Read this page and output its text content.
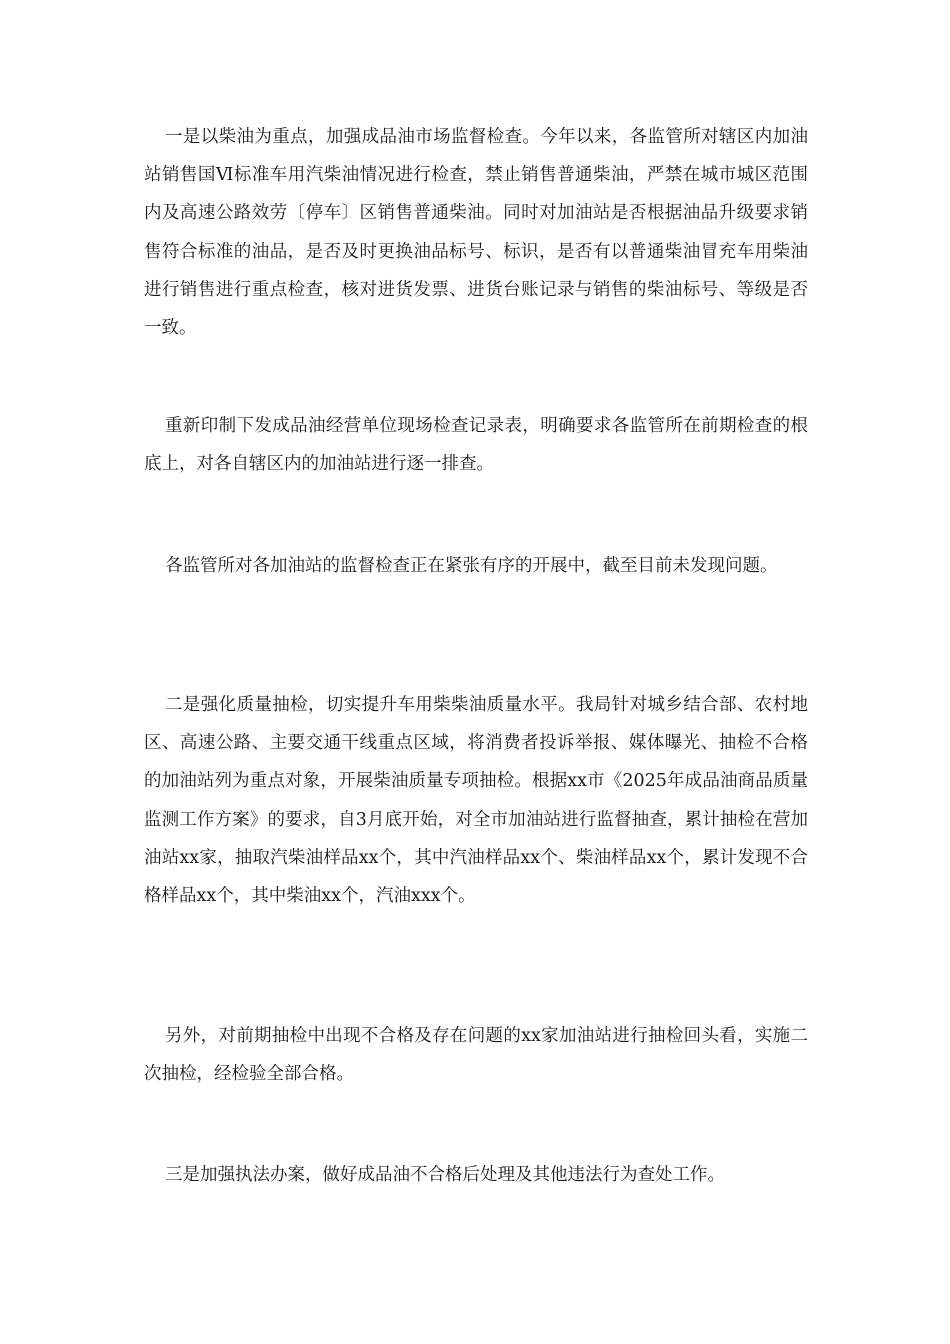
一是以柴油为重点，加强成品油市场监督检查。今年以来，各监管所对辖区内加油站销售国Ⅵ标准车用汽柴油情况进行检查，禁止销售普通柴油，严禁在城市城区范围内及高速公路效劳〔停车〕区销售普通柴油。同时对加油站是否根据油品升级要求销售符合标准的油品，是否及时更换油品标号、标识，是否有以普通柴油冒充车用柴油进行销售进行重点检查，核对进货发票、进货台账记录与销售的柴油标号、等级是否一致。

重新印制下发成品油经营单位现场检查记录表，明确要求各监管所在前期检查的根底上，对各自辖区内的加油站进行逐一排查。

各监管所对各加油站的监督检查正在紧张有序的开展中，截至目前未发现问题。

二是强化质量抽检，切实提升车用柴柴油质量水平。我局针对城乡结合部、农村地区、高速公路、主要交通干线重点区域，将消费者投诉举报、媒体曝光、抽检不合格的加油站列为重点对象，开展柴油质量专项抽检。根据xx市《2025年成品油商品质量监测工作方案》的要求，自3月底开始，对全市加油站进行监督抽查，累计抽检在营加油站xx家，抽取汽柴油样品xx个，其中汽油样品xx个、柴油样品xx个，累计发现不合格样品xx个，其中柴油xx个，汽油xxx个。

另外，对前期抽检中出现不合格及存在问题的xx家加油站进行抽检回头看，实施二次抽检，经检验全部合格。

三是加强执法办案，做好成品油不合格后处理及其他违法行为查处工作。
